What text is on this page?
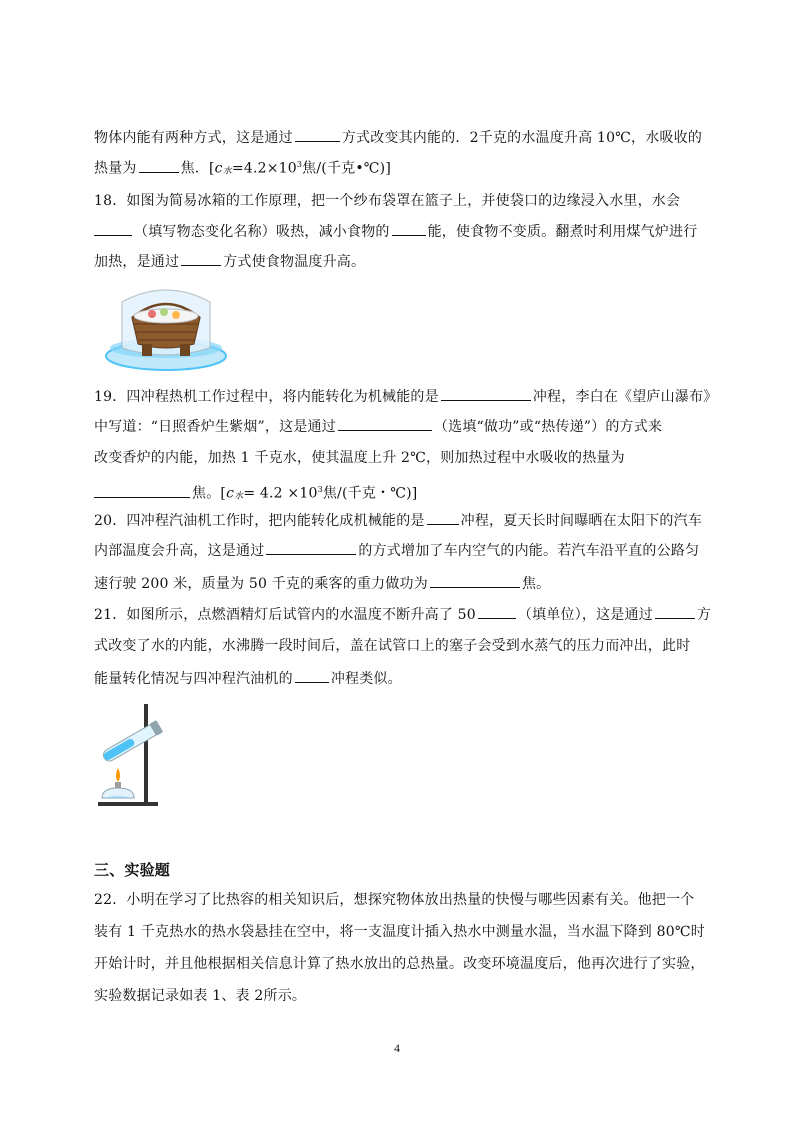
物体内能有两种方式，这是通过	方式改变其内能的．2千克的水温度升高 10℃，水吸收的
热量为	焦．[c水$=4.2\times 10^3$焦/(千克•℃)]
18．如图为简易冰箱的工作原理，把一个纱布袋罩在篮子上，并使袋口的边缘浸入水里，水会
（填写物态变化名称）吸热，减小食物的	能，使食物不变质。翻煮时利用煤气炉进行
加热，是通过	方式使食物温度升高。
19．四冲程热机工作过程中，将内能转化为机械能的是	冲程，李白在《望庐山瀑布》
中写道：“日照香炉生紫烟”，这是通过	（选填“做功”或“热传递”）的方式来
改变香炉的内能，加热 1 千克水，使其温度上升 2℃，则加热过程中水吸收的热量为
焦。[c水= $4.2 \times 10^3$焦/(千克・℃)]
20．四冲程汽油机工作时，把内能转化成机械能的是	冲程，夏天长时间曝晒在太阳下的汽车
内部温度会升高，这是通过	的方式增加了车内空气的内能。若汽车沿平直的公路匀
速行驶 200 米，质量为 50 千克的乘客的重力做功为	焦。
21．如图所示，点燃酒精灯后试管内的水温度不断升高了 50	（填单位），这是通过	方
式改变了水的内能，水沸腾一段时间后，盖在试管口上的塞子会受到水蒸气的压力而冲出，此时
能量转化情况与四冲程汽油机的	冲程类似。
三、实验题
22．小明在学习了比热容的相关知识后，想探究物体放出热量的快慢与哪些因素有关。他把一个
装有 1 千克热水的热水袋悬挂在空中，将一支温度计插入热水中测量水温，当水温下降到 80℃时
开始计时，并且他根据相关信息计算了热水放出的总热量。改变环境温度后，他再次进行了实验，
实验数据记录如表 1、表 2所示。
4
